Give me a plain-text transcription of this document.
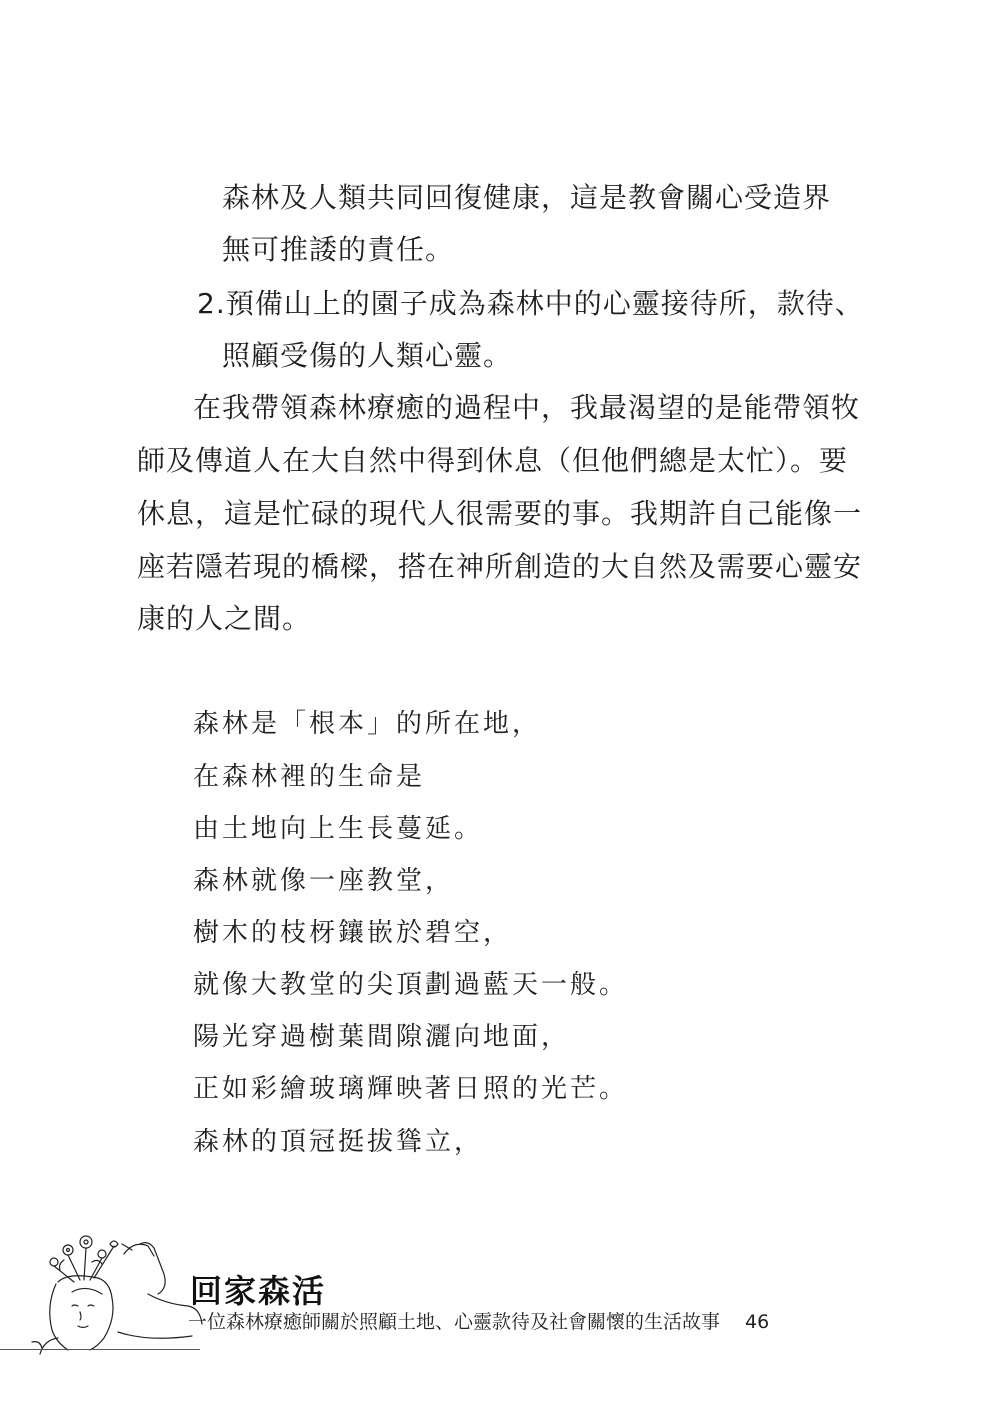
森林及人類共同回復健康，這是教會關心受造界
無可推諉的責任。
2.預備山上的園子成為森林中的心靈接待所，款待、
照顧受傷的人類心靈。
在我帶領森林療癒的過程中，我最渴望的是能帶領牧
師及傳道人在大自然中得到休息（但他們總是太忙）。要
休息，這是忙碌的現代人很需要的事。我期許自己能像一
座若隱若現的橋樑，搭在神所創造的大自然及需要心靈安
康的人之間。
森林是「根本」的所在地，
在森林裡的生命是
由土地向上生長蔓延。
森林就像一座教堂，
樹木的枝枒鑲嵌於碧空，
就像大教堂的尖頂劃過藍天一般。
陽光穿過樹葉間隙灑向地面，
正如彩繪玻璃輝映著日照的光芒。
森林的頂冠挺拔聳立，
回家森活
一位森林療癒師關於照顧土地、心靈款待及社會關懷的生活故事 46
